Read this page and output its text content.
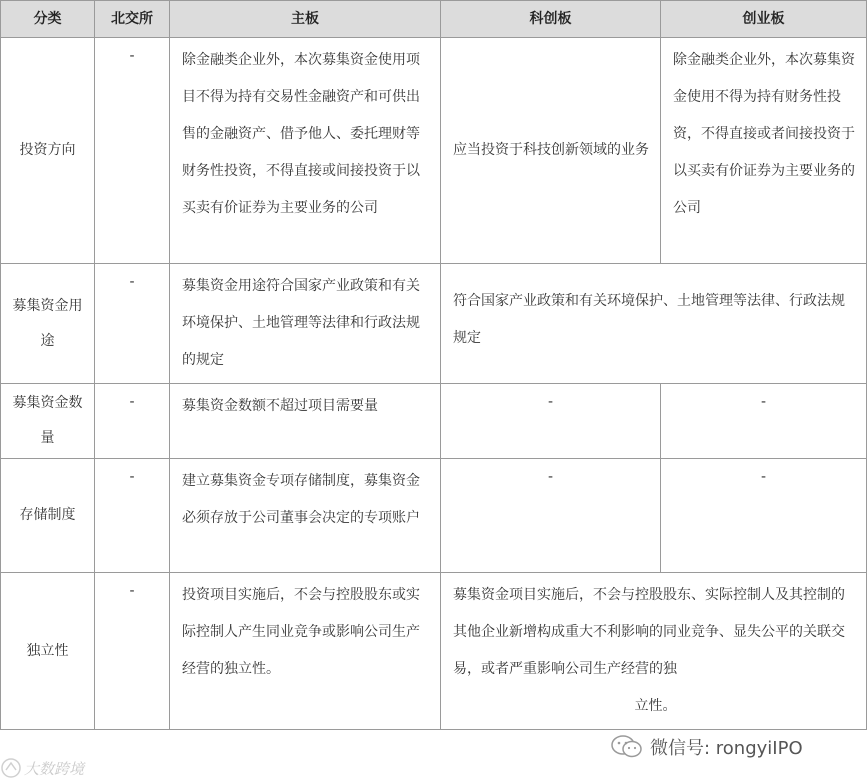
分类	北交所	主板	科创板	创业板
投资方向	-	除金融类企业外，本次募集资金使用项目不得为持有交易性金融资产和可供出售的金融资产、借予他人、委托理财等财务性投资，不得直接或间接投资于以买卖有价证券为主要业务的公司	应当投资于科技创新领域的业务	除金融类企业外，本次募集资金使用不得为持有财务性投资，不得直接或者间接投资于以买卖有价证券为主要业务的公司
募集资金用途	-	募集资金用途符合国家产业政策和有关环境保护、土地管理等法律和行政法规的规定	符合国家产业政策和有关环境保护、土地管理等法律、行政法规规定	
募集资金数量	-	募集资金数额不超过项目需要量	-	-
存储制度	-	建立募集资金专项存储制度，募集资金必须存放于公司董事会决定的专项账户	-	-
独立性	-	投资项目实施后，不会与控股股东或实际控制人产生同业竞争或影响公司生产经营的独立性。	募集资金项目实施后，不会与控股股东、实际控制人及其控制的其他企业新增构成重大不利影响的同业竞争、显失公平的关联交易，或者严重影响公司生产经营的独
立性。	
微信号: rongyiIPO
大数跨境
